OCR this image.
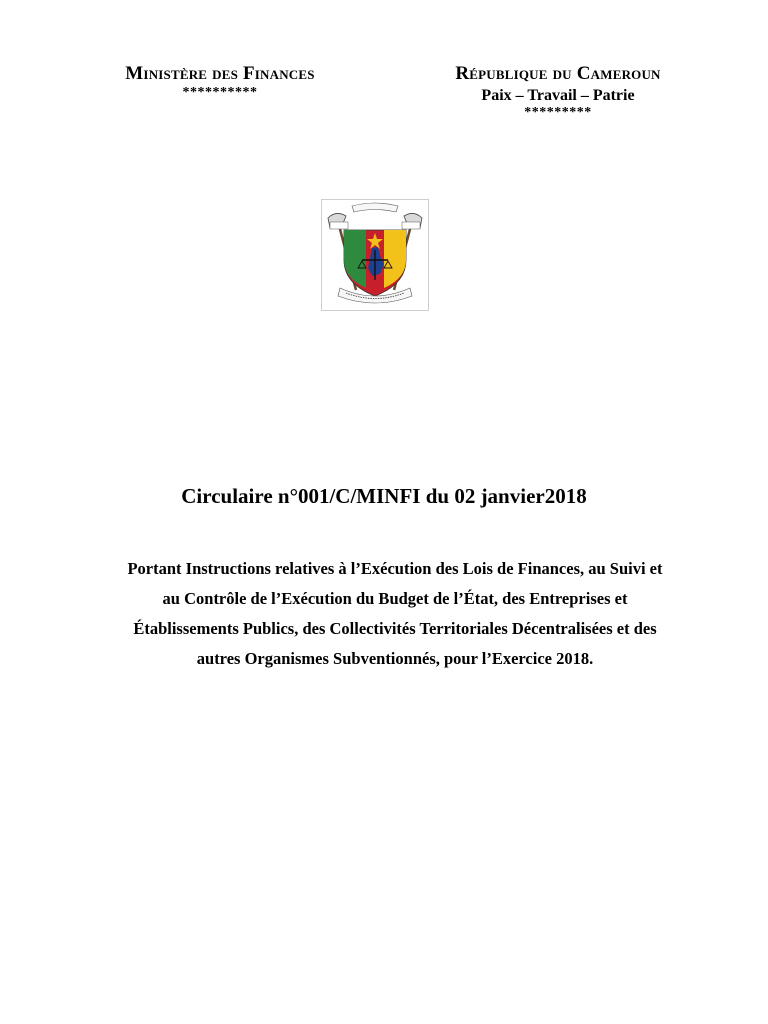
Ministère des Finances
**********
République du Cameroun
Paix – Travail – Patrie
*********
Circulaire n°001/C/MINFI du 02 janvier2018
Portant Instructions relatives à l’Exécution des Lois de Finances, au Suivi et
au Contrôle de l’Exécution du Budget de l’État, des Entreprises et
Établissements Publics, des Collectivités Territoriales Décentralisées et des
autres Organismes Subventionnés, pour l’Exercice 2018.
